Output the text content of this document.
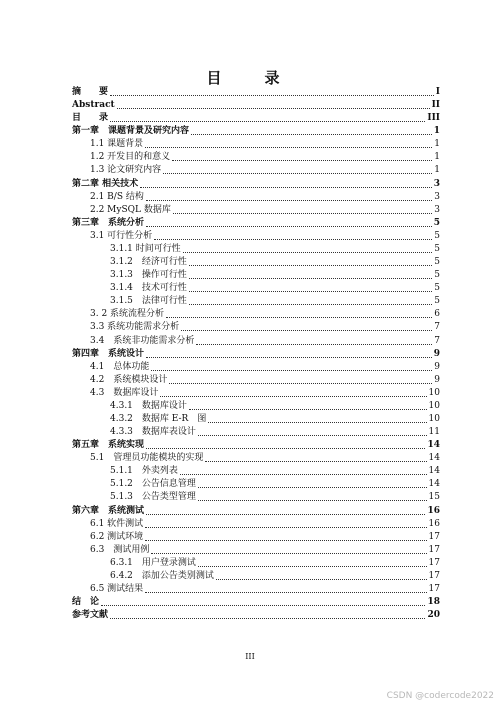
目　录
摘　　要	I
Abstract	II
目　　录	III
第一章　课题背景及研究内容	1
1.1 课题背景	1
1.2 开发目的和意义	1
1.3 论文研究内容	1
第二章 相关技术	3
2.1 B/S 结构	3
2.2 MySQL 数据库	3
第三章　系统分析	5
3.1 可行性分析	5
3.1.1 时间可行性	5
3.1.2　经济可行性	5
3.1.3　操作可行性	5
3.1.4　技术可行性	5
3.1.5　法律可行性	5
3. 2 系统流程分析	6
3.3 系统功能需求分析	7
3.4　系统非功能需求分析	7
第四章　系统设计	9
4.1　总体功能	9
4.2　系统模块设计	9
4.3　数据库设计	10
4.3.1　数据库设计	10
4.3.2　数据库 E-R　图	10
4.3.3　数据库表设计	11
第五章　系统实现	14
5.1　管理员功能模块的实现	14
5.1.1　外卖列表	14
5.1.2　公告信息管理	14
5.1.3　公告类型管理	15
第六章　系统测试	16
6.1 软件测试	16
6.2 测试环境	17
6.3　测试用例	17
6.3.1　用户登录测试	17
6.4.2　添加公告类别测试	17
6.5 测试结果	17
结　论	18
参考文献	20
III
CSDN @codercode2022
